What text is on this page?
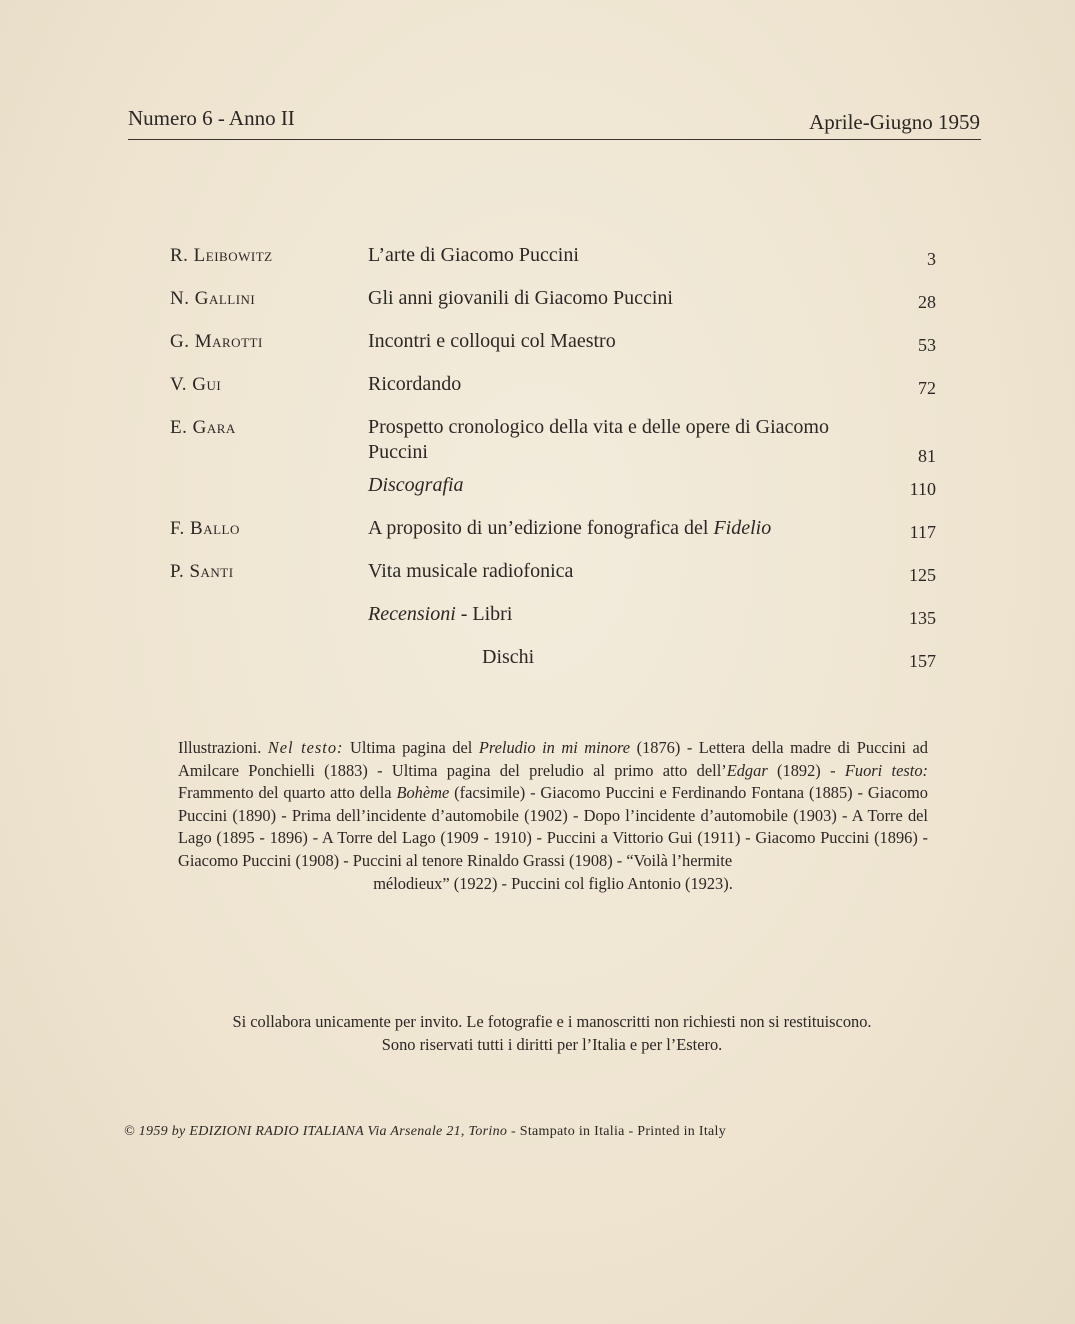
Numero 6 - Anno II	Aprile-Giugno 1959
R. Leibowitz	L’arte di Giacomo Puccini	3
N. Gallini	Gli anni giovanili di Giacomo Puccini	28
G. Marotti	Incontri e colloqui col Maestro	53
V. Gui	Ricordando	72
E. Gara	Prospetto cronologico della vita e delle opere di Giacomo Puccini	81
Discografia	110
F. Ballo	A proposito di un’edizione fonografica del Fidelio	117
P. Santi	Vita musicale radiofonica	125
Recensioni - Libri	135
Dischi	157
Illustrazioni. Nel testo: Ultima pagina del Preludio in mi minore (1876) - Lettera della madre di Puccini ad Amilcare Ponchielli (1883) - Ultima pagina del preludio al primo atto dell’Edgar (1892) - Fuori testo: Frammento del quarto atto della Bohème (facsimile) - Giacomo Puccini e Ferdinando Fontana (1885) - Giacomo Puccini (1890) - Prima dell’incidente d’automobile (1902) - Dopo l’incidente d’automobile (1903) - A Torre del Lago (1895 - 1896) - A Torre del Lago (1909 - 1910) - Puccini a Vittorio Gui (1911) - Giacomo Puccini (1896) - Giacomo Puccini (1908) - Puccini al tenore Rinaldo Grassi (1908) - “Voilà l’hermite
mélodieux” (1922) - Puccini col figlio Antonio (1923).
Si collabora unicamente per invito. Le fotografie e i manoscritti non richiesti non si restituiscono.
Sono riservati tutti i diritti per l’Italia e per l’Estero.
© 1959 by EDIZIONI RADIO ITALIANA Via Arsenale 21, Torino - Stampato in Italia - Printed in Italy
